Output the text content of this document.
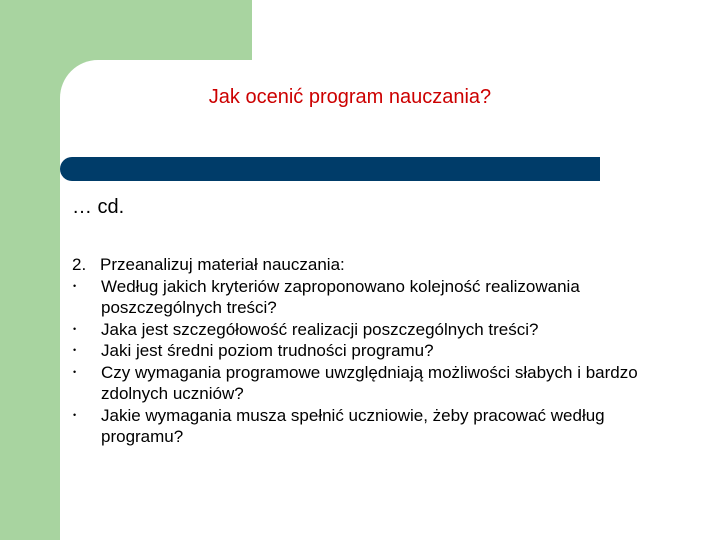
Jak ocenić program nauczania?
… cd.
2. Przeanalizuj materiał nauczania:
•	Według jakich kryteriów zaproponowano kolejność realizowania poszczególnych treści?
•	Jaka jest szczegółowość realizacji poszczególnych treści?
•	Jaki jest średni poziom trudności programu?
•	Czy wymagania programowe uwzględniają możliwości słabych i bardzo zdolnych uczniów?
•	Jakie wymagania musza spełnić uczniowie, żeby pracować według programu?
